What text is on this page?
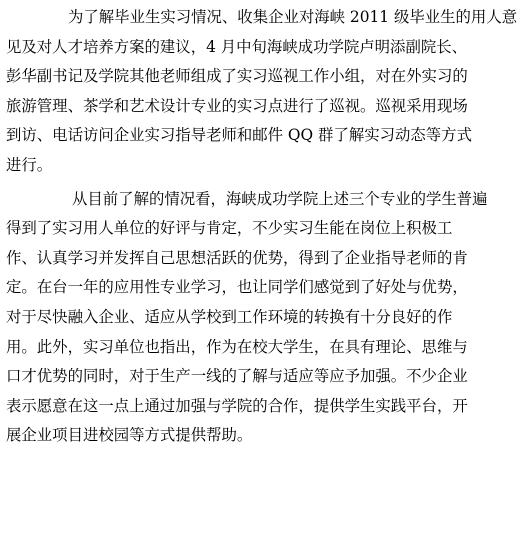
为了解毕业生实习情况、收集企业对海峡 2011 级毕业生的用人意
见及对人才培养方案的建议，4 月中旬海峡成功学院卢明添副院长、
彭华副书记及学院其他老师组成了实习巡视工作小组，对在外实习的
旅游管理、茶学和艺术设计专业的实习点进行了巡视。巡视采用现场
到访、电话访问企业实习指导老师和邮件 QQ 群了解实习动态等方式
进行。
从目前了解的情况看，海峡成功学院上述三个专业的学生普遍
得到了实习用人单位的好评与肯定，不少实习生能在岗位上积极工
作、认真学习并发挥自己思想活跃的优势，得到了企业指导老师的肯
定。在台一年的应用性专业学习，也让同学们感觉到了好处与优势，
对于尽快融入企业、适应从学校到工作环境的转换有十分良好的作
用。此外，实习单位也指出，作为在校大学生，在具有理论、思维与
口才优势的同时，对于生产一线的了解与适应等应予加强。不少企业
表示愿意在这一点上通过加强与学院的合作，提供学生实践平台，开
展企业项目进校园等方式提供帮助。
